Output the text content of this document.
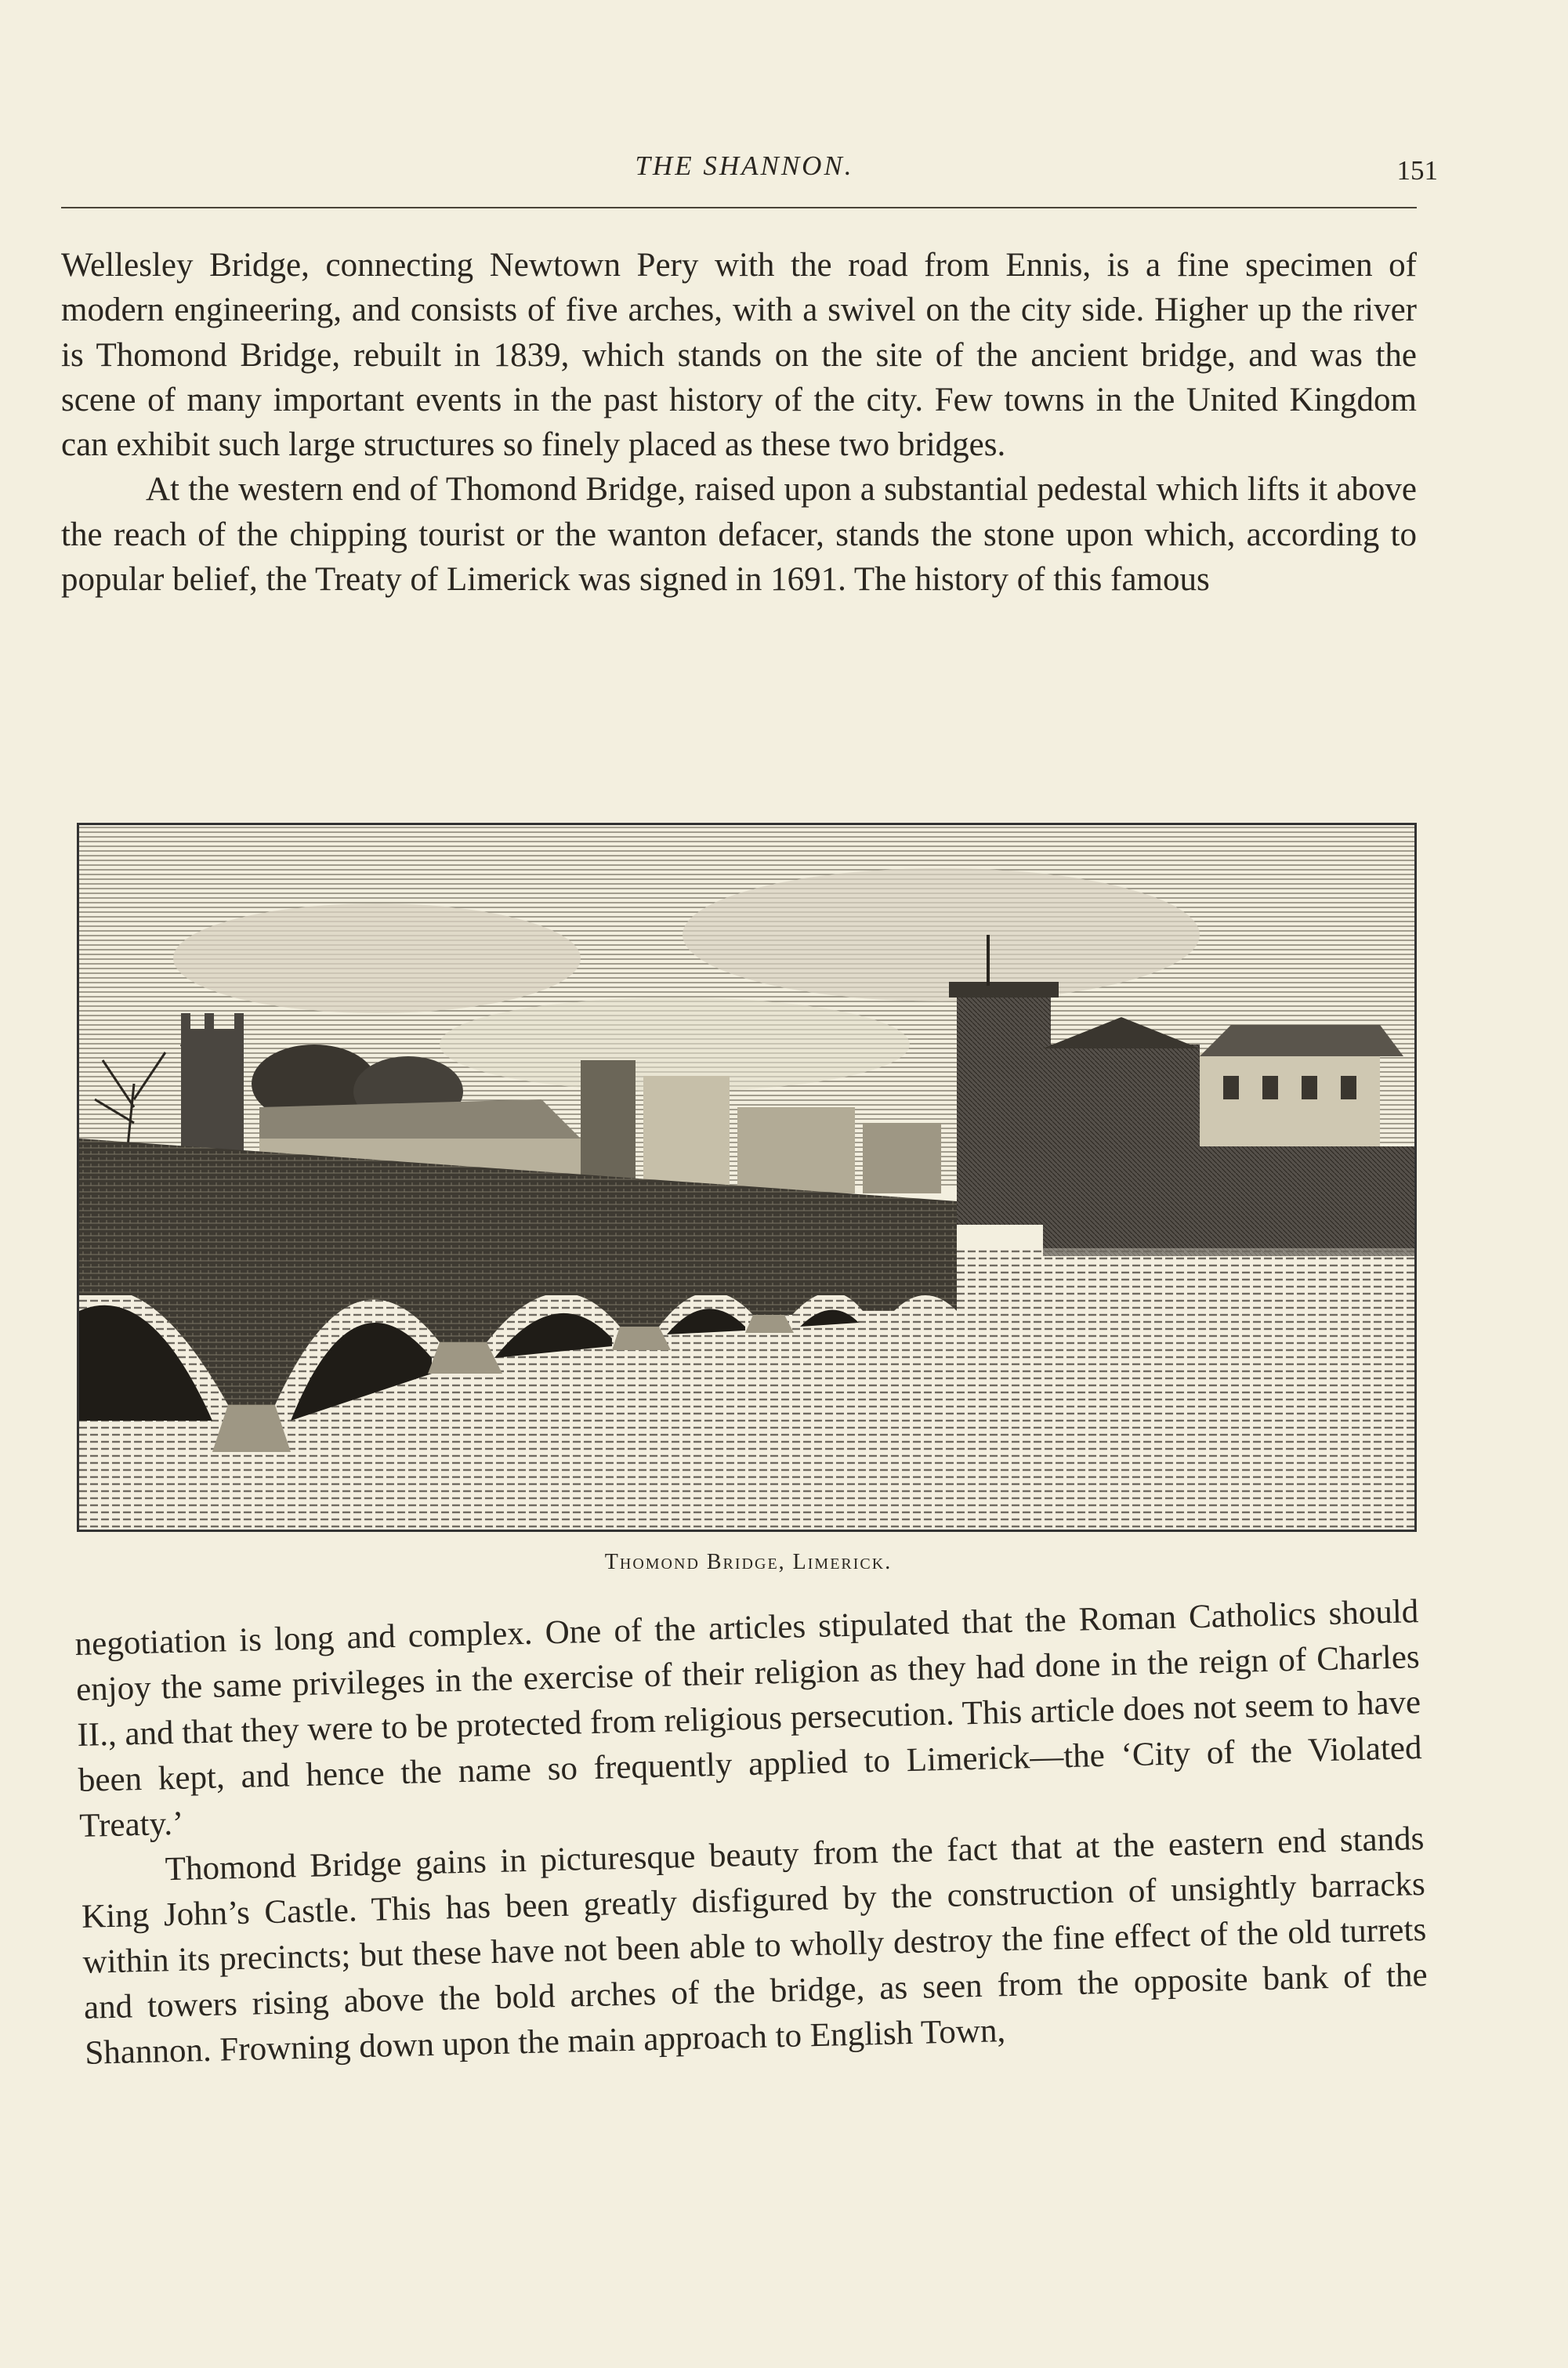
THE SHANNON.	151

Wellesley Bridge, connecting Newtown Pery with the road from Ennis, is a fine specimen of modern engineering, and consists of five arches, with a swivel on the city side. Higher up the river is Thomond Bridge, rebuilt in 1839, which stands on the site of the ancient bridge, and was the scene of many important events in the past history of the city. Few towns in the United Kingdom can exhibit such large structures so finely placed as these two bridges.

At the western end of Thomond Bridge, raised upon a substantial pedestal which lifts it above the reach of the chipping tourist or the wanton defacer, stands the stone upon which, according to popular belief, the Treaty of Limerick was signed in 1691. The history of this famous

Thomond Bridge, Limerick.

negotiation is long and complex. One of the articles stipulated that the Roman Catholics should enjoy the same privileges in the exercise of their religion as they had done in the reign of Charles II., and that they were to be protected from religious persecution. This article does not seem to have been kept, and hence the name so frequently applied to Limerick—the ‘City of the Violated Treaty.’

Thomond Bridge gains in picturesque beauty from the fact that at the eastern end stands King John’s Castle. This has been greatly disfigured by the construction of unsightly barracks within its precincts; but these have not been able to wholly destroy the fine effect of the old turrets and towers rising above the bold arches of the bridge, as seen from the opposite bank of the Shannon. Frowning down upon the main approach to English Town,
